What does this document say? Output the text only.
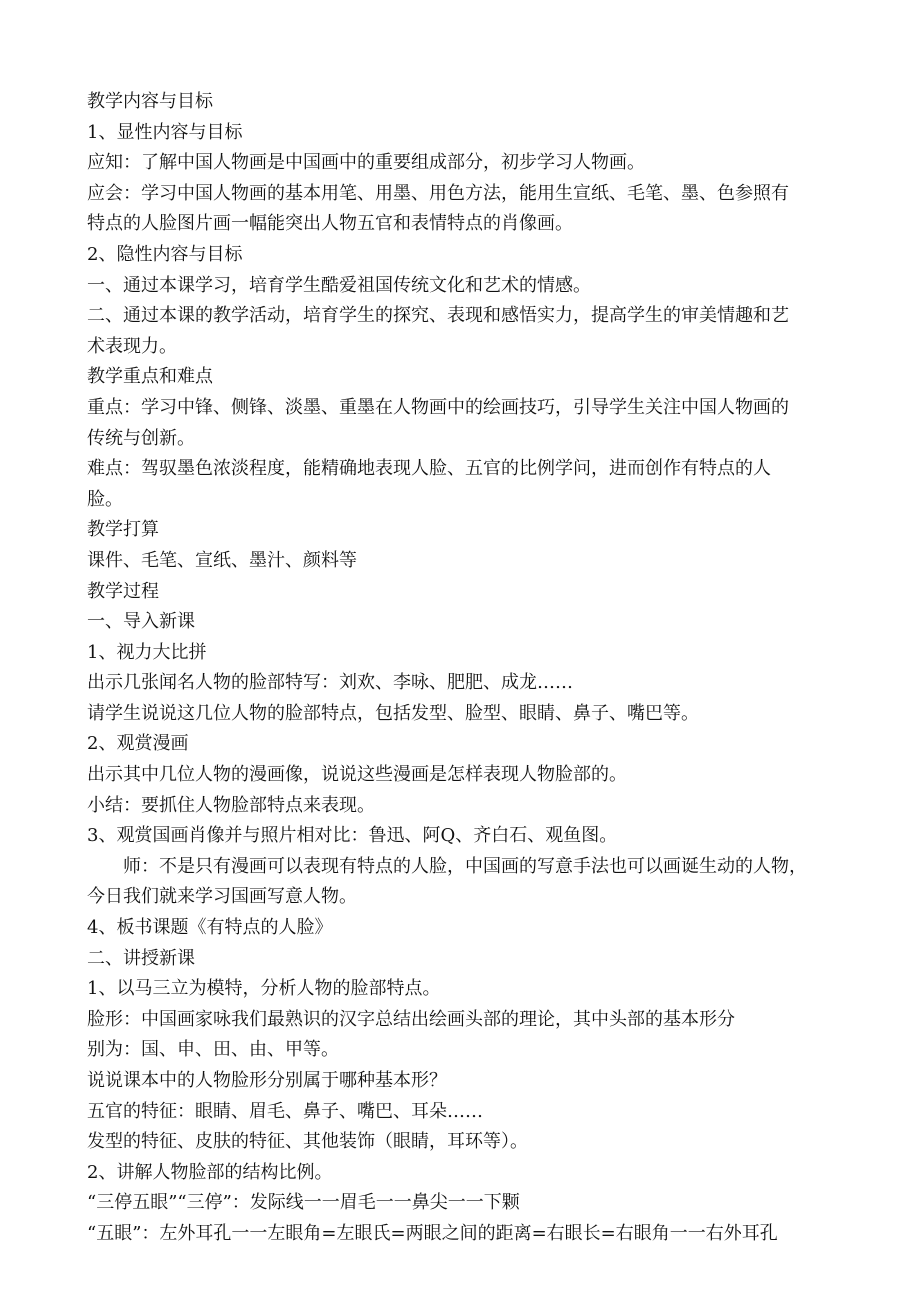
教学内容与目标
1、显性内容与目标
应知：了解中国人物画是中国画中的重要组成部分，初步学习人物画。
应会：学习中国人物画的基本用笔、用墨、用色方法，能用生宣纸、毛笔、墨、色参照有
特点的人脸图片画一幅能突出人物五官和表情特点的肖像画。
2、隐性内容与目标
一、通过本课学习，培育学生酷爱祖国传统文化和艺术的情感。
二、通过本课的教学活动，培育学生的探究、表现和感悟实力，提高学生的审美情趣和艺
术表现力。
教学重点和难点
重点：学习中锋、侧锋、淡墨、重墨在人物画中的绘画技巧，引导学生关注中国人物画的
传统与创新。
难点：驾驭墨色浓淡程度，能精确地表现人脸、五官的比例学问，进而创作有特点的人
脸。
教学打算
课件、毛笔、宣纸、墨汁、颜料等
教学过程
一、导入新课
1、视力大比拼
出示几张闻名人物的脸部特写：刘欢、李咏、肥肥、成龙……
请学生说说这几位人物的脸部特点，包括发型、脸型、眼睛、鼻子、嘴巴等。
2、观赏漫画
出示其中几位人物的漫画像，说说这些漫画是怎样表现人物脸部的。
小结：要抓住人物脸部特点来表现。
3、观赏国画肖像并与照片相对比：鲁迅、阿Q、齐白石、观鱼图。
师：不是只有漫画可以表现有特点的人脸，中国画的写意手法也可以画诞生动的人物，
今日我们就来学习国画写意人物。
4、板书课题《有特点的人脸》
二、讲授新课
1、以马三立为模特，分析人物的脸部特点。
脸形：中国画家咏我们最熟识的汉字总结出绘画头部的理论，其中头部的基本形分
别为：国、申、田、由、甲等。
说说课本中的人物脸形分别属于哪种基本形？
五官的特征：眼睛、眉毛、鼻子、嘴巴、耳朵……
发型的特征、皮肤的特征、其他装饰（眼睛，耳环等）。
2、讲解人物脸部的结构比例。
“三停五眼”“三停”：发际线一一眉毛一一鼻尖一一下颗
“五眼”：左外耳孔一一左眼角=左眼氏=两眼之间的距离=右眼长=右眼角一一右外耳孔
